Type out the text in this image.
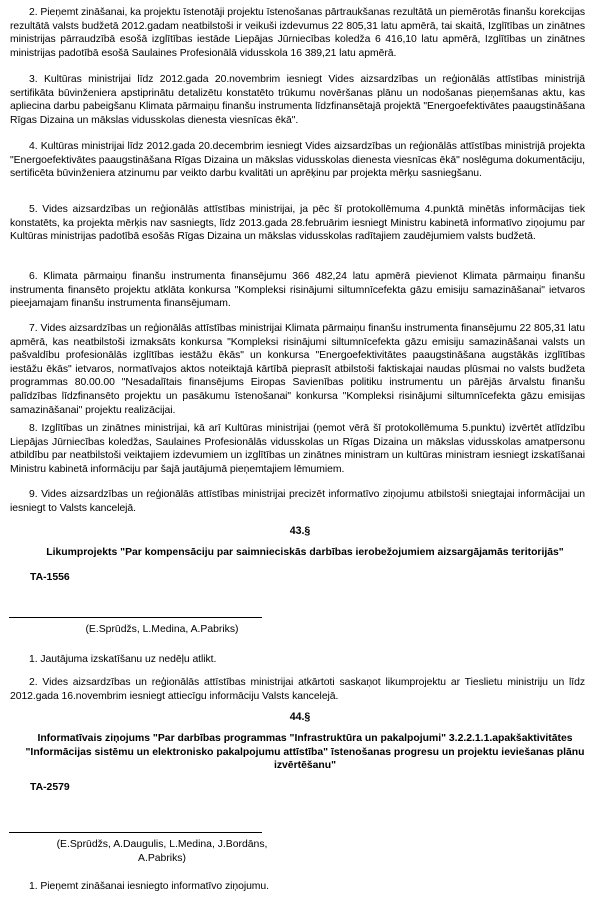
2. Pieņemt zināšanai, ka projektu īstenotāji projektu īstenošanas pārtraukšanas rezultātā un piemērotās finanšu korekcijas rezultātā valsts budžetā 2012.gadam neatbilstoši ir veikuši izdevumus 22 805,31 latu apmērā, tai skaitā, Izglītības un zinātnes ministrijas pārraudzībā esošā izglītības iestāde Liepājas Jūrniecības koledža 6 416,10 latu apmērā, Izglītības un zinātnes ministrijas padotībā esošā Saulaines Profesionālā vidusskola 16 389,21 latu apmērā.

3. Kultūras ministrijai līdz 2012.gada 20.novembrim iesniegt Vides aizsardzības un reģionālās attīstības ministrijā sertifikāta būvinženiera apstiprinātu detalizētu konstatēto trūkumu novēršanas plānu un nodošanas pieņemšanas aktu, kas apliecina darbu pabeigšanu Klimata pārmaiņu finanšu instrumenta līdzfinansētajā projektā "Energoefektivātes paaugstināšana Rīgas Dizaina un mākslas vidusskolas dienesta viesnīcas ēkā".

4. Kultūras ministrijai līdz 2012.gada 20.decembrim iesniegt Vides aizsardzības un reģionālās attīstības ministrijā projekta "Energoefektivātes paaugstināšana Rīgas Dizaina un mākslas vidusskolas dienesta viesnīcas ēkā" noslēguma dokumentāciju, sertificēta būvinženiera atzinumu par veikto darbu kvalitāti un aprēķinu par projekta mērķu sasniegšanu.

5. Vides aizsardzības un reģionālās attīstības ministrijai, ja pēc šī protokollēmuma 4.punktā minētās informācijas tiek konstatēts, ka projekta mērķis nav sasniegts, līdz 2013.gada 28.februārim iesniegt Ministru kabinetā informatīvo ziņojumu par Kultūras ministrijas padotībā esošās Rīgas Dizaina un mākslas vidusskolas radītajiem zaudējumiem valsts budžetā.

6. Klimata pārmaiņu finanšu instrumenta finansējumu 366 482,24 latu apmērā pievienot Klimata pārmaiņu finanšu instrumenta finansēto projektu atklāta konkursa "Kompleksi risinājumi siltumnīcefekta gāzu emisiju samazināšanai" ietvaros pieejamajam finanšu instrumenta finansējumam.

7. Vides aizsardzības un reģionālās attīstības ministrijai Klimata pārmaiņu finanšu instrumenta finansējumu 22 805,31 latu apmērā, kas neatbilstoši izmaksāts konkursa "Kompleksi risinājumi siltumnīcefekta gāzu emisiju samazināšanai valsts un pašvaldību profesionālās izglītības iestāžu ēkās" un konkursa "Energoefektivitātes paaugstināšana augstākās izglītības iestāžu ēkās" ietvaros, normatīvajos aktos noteiktajā kārtībā pieprasīt atbilstoši faktiskajai naudas plūsmai no valsts budžeta programmas 80.00.00 "Nesadalītais finansējums Eiropas Savienības politiku instrumentu un pārējās ārvalstu finanšu palīdzības līdzfinansēto projektu un pasākumu īstenošanai" konkursa "Kompleksi risinājumi siltumnīcefekta gāzu emisijas samazināšanai" projektu realizācijai.

8. Izglītības un zinātnes ministrijai, kā arī Kultūras ministrijai (ņemot vērā šī protokollēmuma 5.punktu) izvērtēt atlīdzību Liepājas Jūrniecības koledžas, Saulaines Profesionālās vidusskolas un Rīgas Dizaina un mākslas vidusskolas amatpersonu atbildību par neatbilstoši veiktajiem izdevumiem un izglītības un zinātnes ministram un kultūras ministram iesniegt izskatīšanai Ministru kabinetā informāciju par šajā jautājumā pieņemtajiem lēmumiem.

9. Vides aizsardzības un reģionālās attīstības ministrijai precizēt informatīvo ziņojumu atbilstoši sniegtajai informācijai un iesniegt to Valsts kancelejā.

43.§

Likumprojekts "Par kompensāciju par saimnieciskās darbības ierobežojumiem aizsargājamās teritorijās"

TA-1556

(E.Sprūdžs, L.Medina, A.Pabriks)

1. Jautājuma izskatīšanu uz nedēļu atlikt.

2. Vides aizsardzības un reģionālās attīstības ministrijai atkārtoti saskaņot likumprojektu ar Tieslietu ministriju un līdz 2012.gada 16.novembrim iesniegt attiecīgu informāciju Valsts kancelejā.

44.§

Informatīvais ziņojums "Par darbības programmas "Infrastruktūra un pakalpojumi" 3.2.2.1.1.apakšaktivitātes "Informācijas sistēmu un elektronisko pakalpojumu attīstība" īstenošanas progresu un projektu ieviešanas plānu izvērtēšanu"

TA-2579

(E.Sprūdžs, A.Daugulis, L.Medina, J.Bordāns, A.Pabriks)

1. Pieņemt zināšanai iesniegto informatīvo ziņojumu.
